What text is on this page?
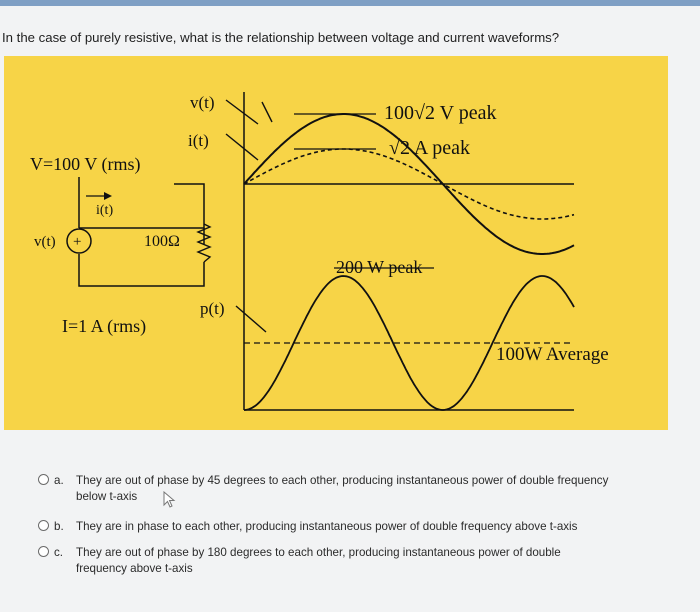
In the case of purely resistive, what is the relationship between voltage and current waveforms?
+
v(t)
i(t)
p(t)
V=100 V (rms)
I=1 A (rms)
v(t)
i(t)
100Ω
100√2 V peak
√2 A peak
200 W peak
100W Average
a. They are out of phase by 45 degrees to each other, producing instantaneous power of double frequency
below t-axis
b. They are in phase to each other, producing instantaneous power of double frequency above t-axis
c. They are out of phase by 180 degrees to each other, producing instantaneous power of double
frequency above t-axis
